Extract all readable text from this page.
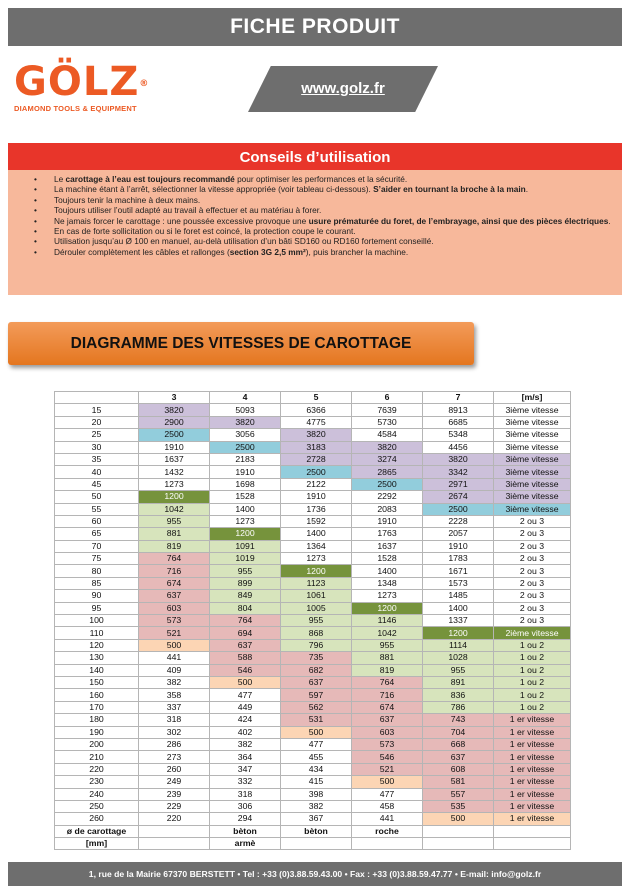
FICHE PRODUIT
GÖLZ®
DIAMOND TOOLS & EQUIPMENT
www.golz.fr
Conseils d’utilisation
• Le carottage à l’eau est toujours recommandé pour optimiser les performances et la sécurité.
• La machine étant à l’arrêt, sélectionner la vitesse appropriée (voir tableau ci-dessous). S’aider en tournant la broche à la main.
• Toujours tenir la machine à deux mains.
• Toujours utiliser l’outil adapté au travail à effectuer et au matériau à forer.
• Ne jamais forcer le carottage : une poussée excessive provoque une usure prématurée du foret, de l’embrayage, ainsi que des pièces électriques.
• En cas de forte sollicitation ou si le foret est coincé, la protection coupe le courant.
• Utilisation jusqu’au Ø 100 en manuel, au-delà utilisation d’un bâti SD160 ou RD160 fortement conseillé.
• Dérouler complètement les câbles et rallonges (section 3G 2,5 mm²), puis brancher la machine.
DIAGRAMME DES VITESSES DE CAROTTAGE
	3	4	5	6	7	[m/s]
15	3820	5093	6366	7639	8913	3ième vitesse
20	2900	3820	4775	5730	6685	3ième vitesse
25	2500	3056	3820	4584	5348	3ième vitesse
30	1910	2500	3183	3820	4456	3ième vitesse
35	1637	2183	2728	3274	3820	3ième vitesse
40	1432	1910	2500	2865	3342	3ième vitesse
45	1273	1698	2122	2500	2971	3ième vitesse
50	1200	1528	1910	2292	2674	3ième vitesse
55	1042	1400	1736	2083	2500	3ième vitesse
60	955	1273	1592	1910	2228	2 ou 3
65	881	1200	1400	1763	2057	2 ou 3
70	819	1091	1364	1637	1910	2 ou 3
75	764	1019	1273	1528	1783	2 ou 3
80	716	955	1200	1400	1671	2 ou 3
85	674	899	1123	1348	1573	2 ou 3
90	637	849	1061	1273	1485	2 ou 3
95	603	804	1005	1200	1400	2 ou 3
100	573	764	955	1146	1337	2 ou 3
110	521	694	868	1042	1200	2ième vitesse
120	500	637	796	955	1114	1 ou 2
130	441	588	735	881	1028	1 ou 2
140	409	546	682	819	955	1 ou 2
150	382	500	637	764	891	1 ou 2
160	358	477	597	716	836	1 ou 2
170	337	449	562	674	786	1 ou 2
180	318	424	531	637	743	1 er vitesse
190	302	402	500	603	704	1 er vitesse
200	286	382	477	573	668	1 er vitesse
210	273	364	455	546	637	1 er vitesse
220	260	347	434	521	608	1 er vitesse
230	249	332	415	500	581	1 er vitesse
240	239	318	398	477	557	1 er vitesse
250	229	306	382	458	535	1 er vitesse
260	220	294	367	441	500	1 er vitesse
ø de carottage		bèton	bèton	roche		
[mm]		armè				
1, rue de la Mairie 67370 BERSTETT • Tel : +33 (0)3.88.59.43.00 • Fax : +33 (0)3.88.59.47.77 • E-mail: info@golz.fr
